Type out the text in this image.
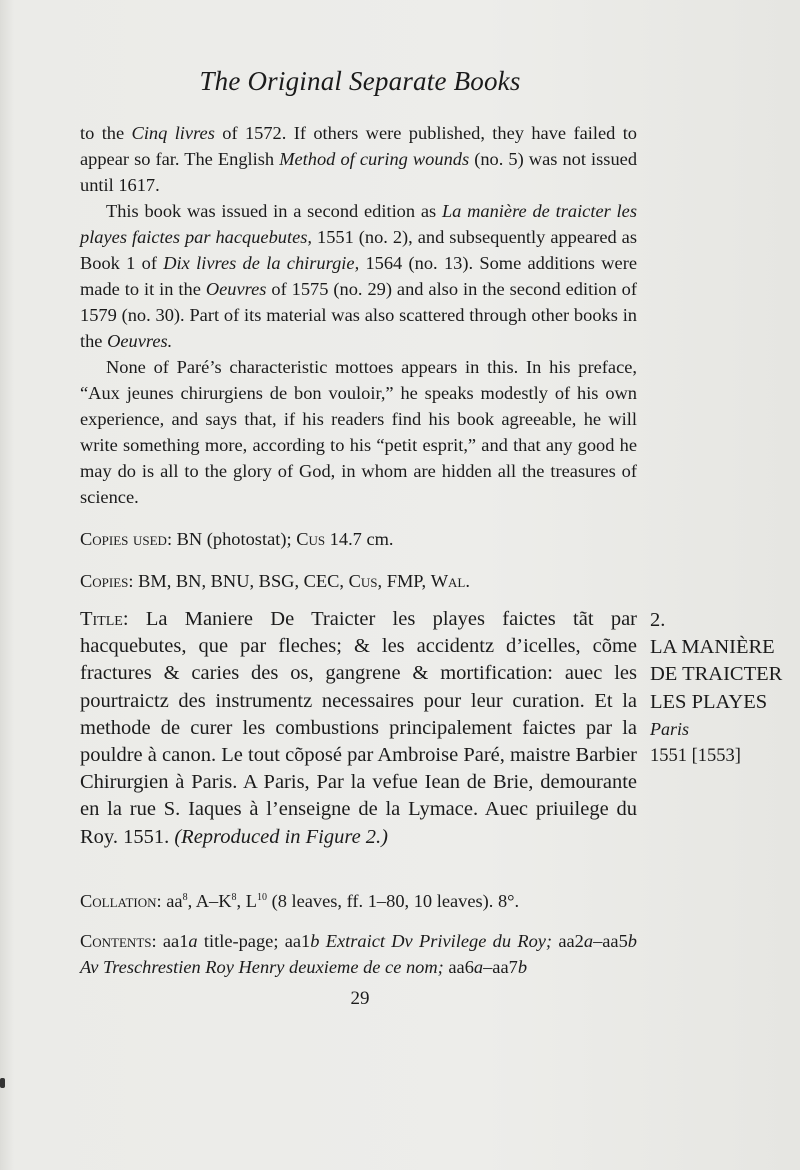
The Original Separate Books

to the Cinq livres of 1572. If others were published, they have failed to appear so far. The English Method of curing wounds (no. 5) was not issued until 1617.

This book was issued in a second edition as La manière de traicter les playes faictes par hacquebutes, 1551 (no. 2), and subsequently appeared as Book 1 of Dix livres de la chirurgie, 1564 (no. 13). Some additions were made to it in the Oeuvres of 1575 (no. 29) and also in the second edition of 1579 (no. 30). Part of its material was also scattered through other books in the Oeuvres.

None of Paré’s characteristic mottoes appears in this. In his preface, “Aux jeunes chirurgiens de bon vouloir,” he speaks modestly of his own experience, and says that, if his readers find his book agreeable, he will write something more, according to his “petit esprit,” and that any good he may do is all to the glory of God, in whom are hidden all the treasures of science.

Copies used: BN (photostat); Cus 14.7 cm.

Copies: BM, BN, BNU, BSG, CEC, Cus, FMP, Wal.

Title: La Maniere De Traicter les playes faictes tãt par hacquebutes, que par fleches; & les accidentz d’icelles, cõme fractures & caries des os, gangrene & mortification: auec les pourtraictz des instrumentz necessaires pour leur curation. Et la methode de curer les combustions principalement faictes par la pouldre à canon. Le tout cõposé par Ambroise Paré, maistre Barbier Chirurgien à Paris. A Paris, Par la vefue Iean de Brie, demourante en la rue S. Iaques à l’enseigne de la Lymace. Auec priuilege du Roy. 1551. (Reproduced in Figure 2.)

Collation: $aa^8$, $A-K^8$, $L^{10}$ (8 leaves, ff. 1–80, 10 leaves). 8°.

Contents: aa1a title-page; aa1b Extraict Dv Privilege du Roy; aa2a–aa5b Av Treschrestien Roy Henry deuxieme de ce nom; aa6a–aa7b

2.
LA MANIÈRE
DE TRAICTER
LES PLAYES
Paris
1551 [1553]
29
